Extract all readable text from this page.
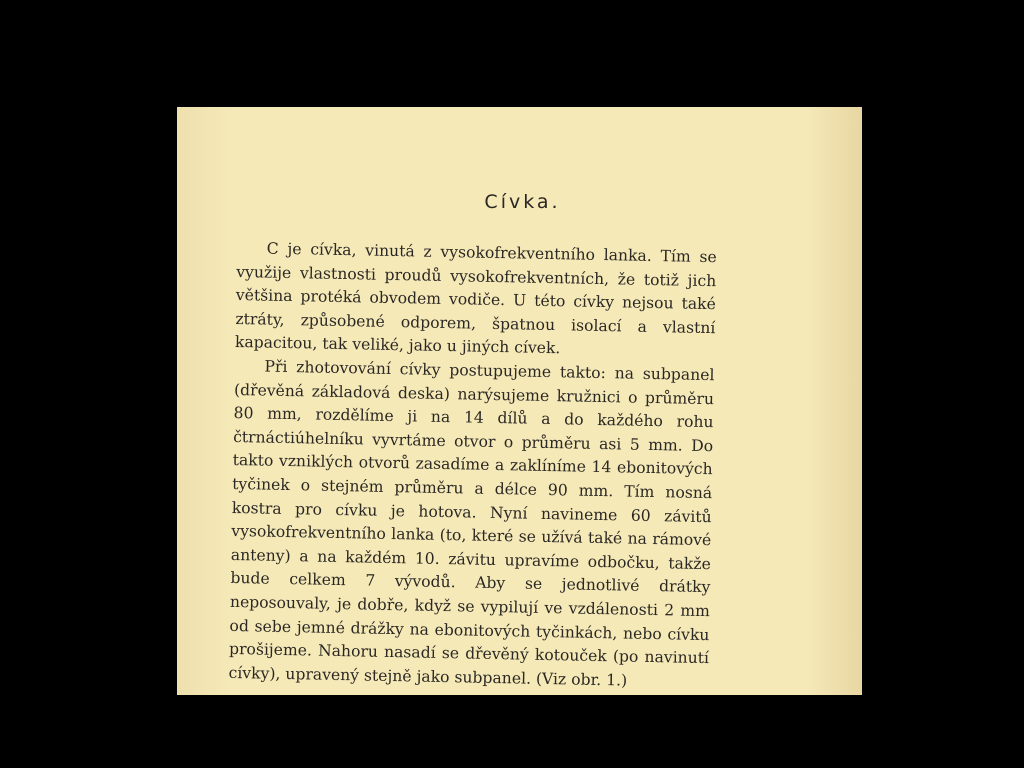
Cívka.

C je cívka, vinutá z vysokofrekventního lanka. Tím se využije vlastnosti proudů vysokofrekventních, že totiž jich většina protéká obvodem vodiče. U této cívky nejsou také ztráty, způsobené odporem, špatnou isolací a vlastní kapacitou, tak veliké, jako u jiných cívek.

Při zhotovování cívky postupujeme takto: na subpanel (dřevěná základová deska) narýsujeme kružnici o průměru 80 mm, rozdělíme ji na 14 dílů a do každého rohu čtrnáctiúhelníku vyvrtáme otvor o průměru asi 5 mm. Do takto vzniklých otvorů zasadíme a zaklíníme 14 ebonitových tyčinek o stejném průměru a délce 90 mm. Tím nosná kostra pro cívku je hotova. Nyní navineme 60 závitů vysokofrekventního lanka (to, které se užívá také na rámové anteny) a na každém 10. závitu upravíme odbočku, takže bude celkem 7 vývodů. Aby se jednotlivé drátky neposouvaly, je dobře, když se vypilují ve vzdálenosti 2 mm od sebe jemné drážky na ebonitových tyčinkách, nebo cívku prošijeme. Nahoru nasadí se dřevěný kotouček (po navinutí cívky), upravený stejně jako subpanel. (Viz obr. 1.)
